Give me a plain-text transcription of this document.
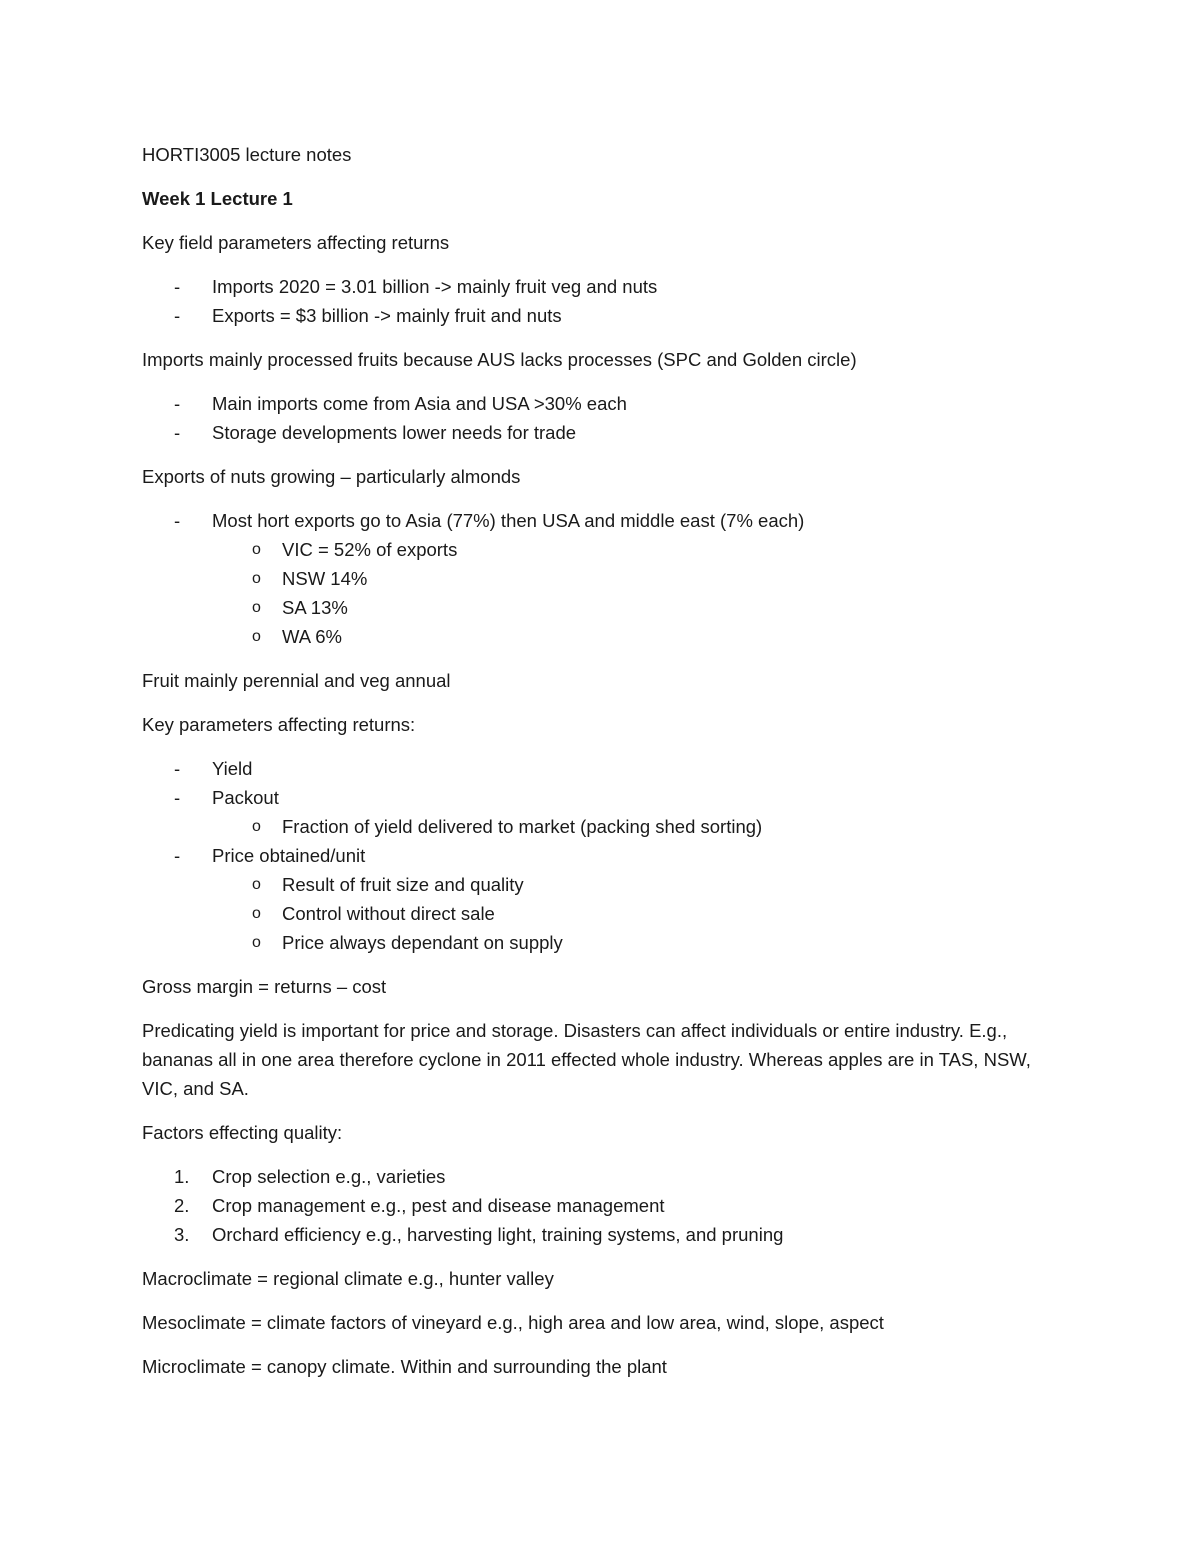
HORTI3005 lecture notes

Week 1 Lecture 1

Key field parameters affecting returns

-	Imports 2020 = 3.01 billion -> mainly fruit veg and nuts
-	Exports = $3 billion -> mainly fruit and nuts

Imports mainly processed fruits because AUS lacks processes (SPC and Golden circle)

-	Main imports come from Asia and USA >30% each
-	Storage developments lower needs for trade

Exports of nuts growing – particularly almonds

-	Most hort exports go to Asia (77%) then USA and middle east (7% each)
o VIC = 52% of exports
o NSW 14%
o SA 13%
o WA 6%

Fruit mainly perennial and veg annual

Key parameters affecting returns:

-	Yield
-	Packout
o Fraction of yield delivered to market (packing shed sorting)
-	Price obtained/unit
o Result of fruit size and quality
o Control without direct sale
o Price always dependant on supply

Gross margin = returns – cost

Predicating yield is important for price and storage. Disasters can affect individuals or entire industry. E.g., bananas all in one area therefore cyclone in 2011 effected whole industry. Whereas apples are in TAS, NSW, VIC, and SA.

Factors effecting quality:

1. Crop selection e.g., varieties
2. Crop management e.g., pest and disease management
3. Orchard efficiency e.g., harvesting light, training systems, and pruning

Macroclimate = regional climate e.g., hunter valley

Mesoclimate = climate factors of vineyard e.g., high area and low area, wind, slope, aspect

Microclimate = canopy climate. Within and surrounding the plant
